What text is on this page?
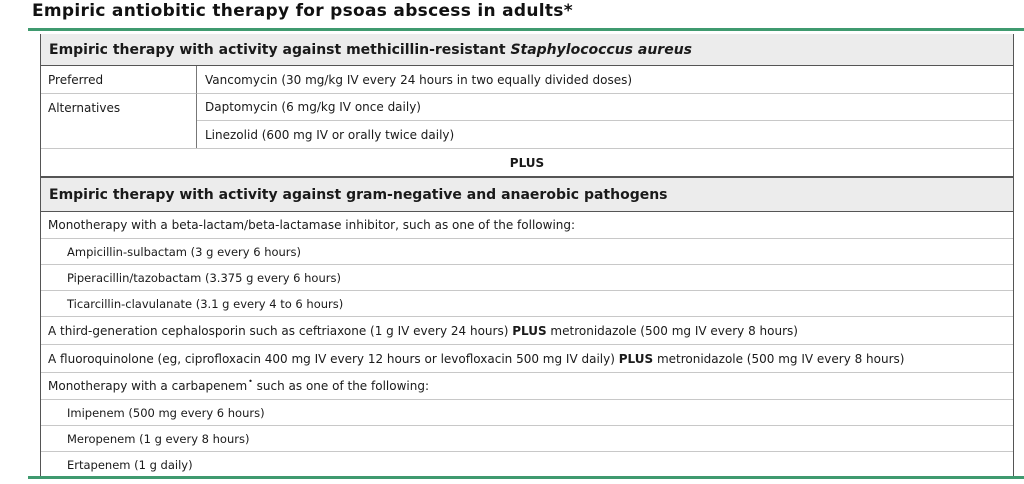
Empiric antiobitic therapy for psoas abscess in adults*
Empiric therapy with activity against methicillin-resistant Staphylococcus aureus
Preferred	Vancomycin (30 mg/kg IV every 24 hours in two equally divided doses)
Alternatives	Daptomycin (6 mg/kg IV once daily)
Linezolid (600 mg IV or orally twice daily)
PLUS
Empiric therapy with activity against gram-negative and anaerobic pathogens
Monotherapy with a beta-lactam/beta-lactamase inhibitor, such as one of the following:
Ampicillin-sulbactam (3 g every 6 hours)
Piperacillin/tazobactam (3.375 g every 6 hours)
Ticarcillin-clavulanate (3.1 g every 4 to 6 hours)
A third-generation cephalosporin such as ceftriaxone (1 g IV every 24 hours) PLUS metronidazole (500 mg IV every 8 hours)
A fluoroquinolone (eg, ciprofloxacin 400 mg IV every 12 hours or levofloxacin 500 mg IV daily) PLUS metronidazole (500 mg IV every 8 hours)
Monotherapy with a carbapenem• such as one of the following:
Imipenem (500 mg every 6 hours)
Meropenem (1 g every 8 hours)
Ertapenem (1 g daily)
